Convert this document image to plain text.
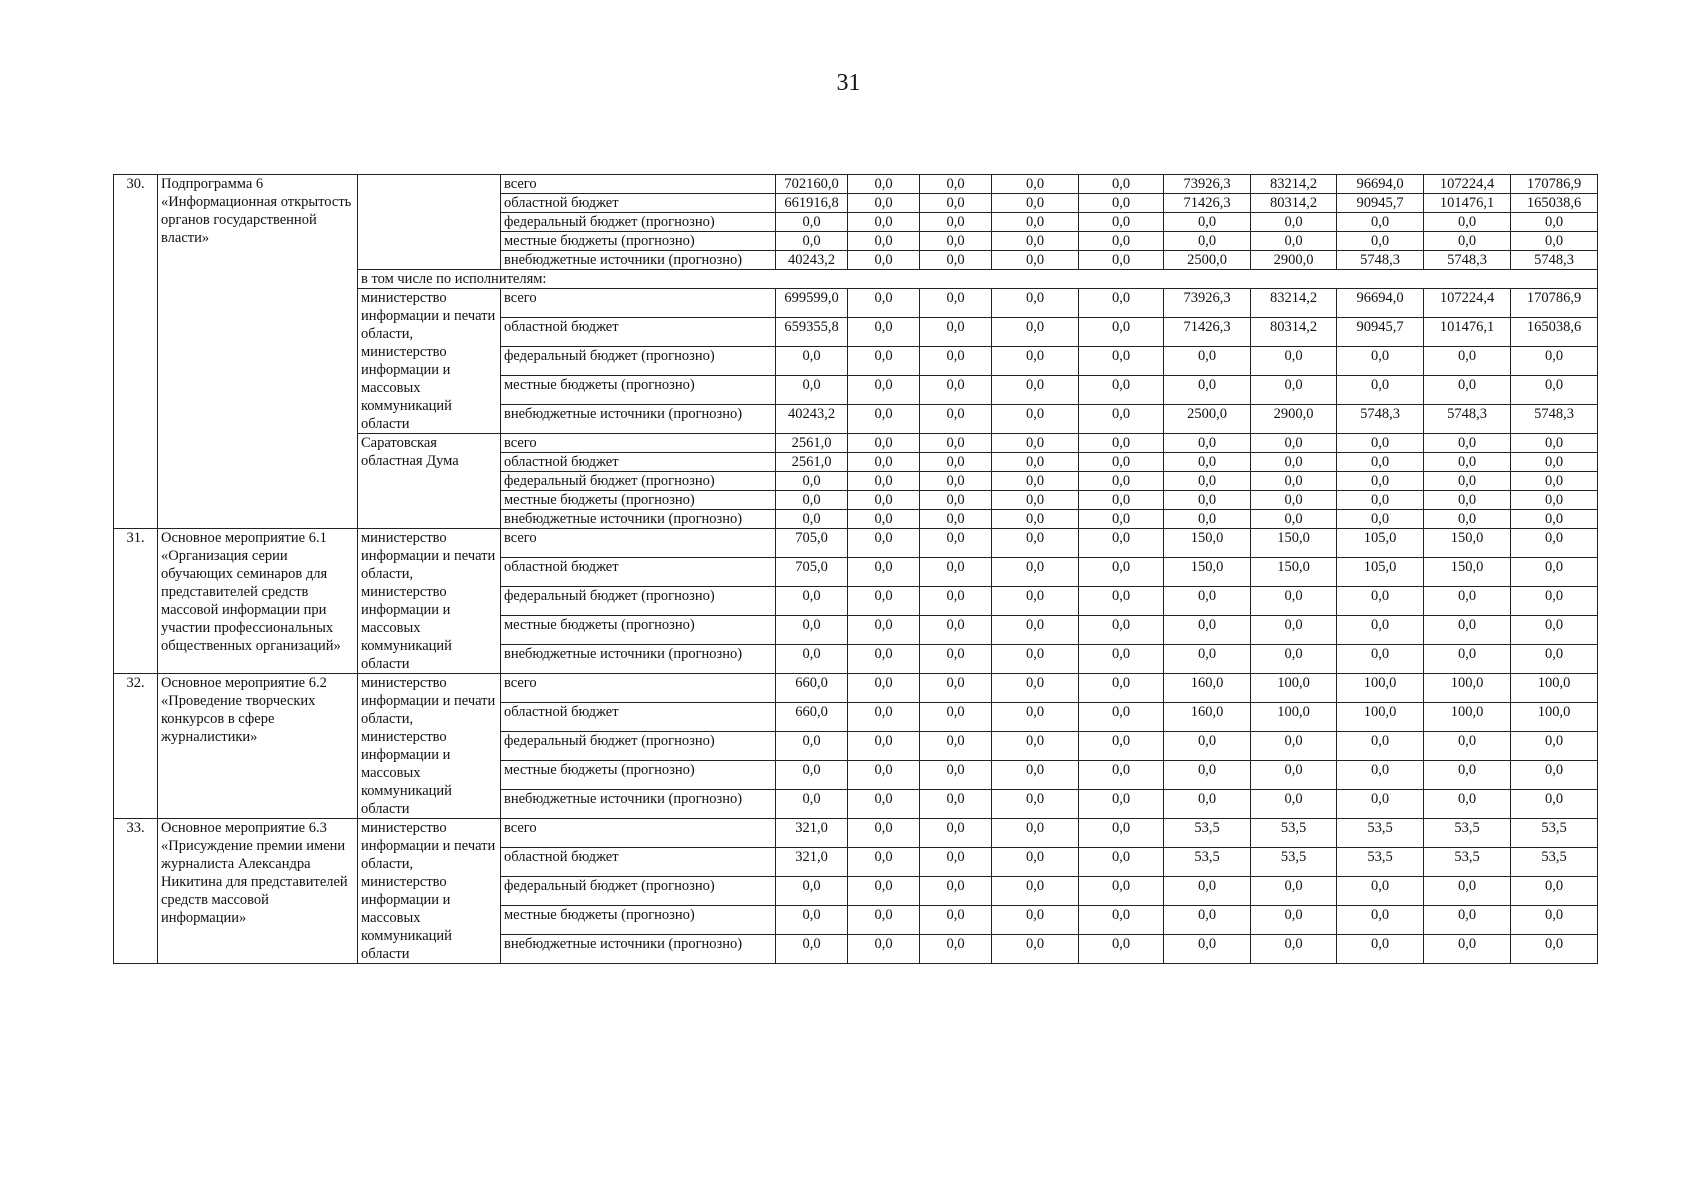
31
30.	Подпрограмма 6 «Информационная открытость органов государственной власти»		всего	702160,0	0,0	0,0	0,0	0,0	73926,3	83214,2	96694,0	107224,4	170786,9	
			областной бюджет	661916,8	0,0	0,0	0,0	0,0	71426,3	80314,2	90945,7	101476,1	165038,6	
			федеральный бюджет (прогнозно)	0,0	0,0	0,0	0,0	0,0	0,0	0,0	0,0	0,0	0,0	
			местные бюджеты (прогнозно)	0,0	0,0	0,0	0,0	0,0	0,0	0,0	0,0	0,0	0,0	
			внебюджетные источники (прогнозно)	40243,2	0,0	0,0	0,0	0,0	2500,0	2900,0	5748,3	5748,3	5748,3	
		в том числе по исполнителям:												
		министерство информации и печати области, министерство информации и массовых коммуникаций области	всего	699599,0	0,0	0,0	0,0	0,0	73926,3	83214,2	96694,0	107224,4	170786,9	
			областной бюджет	659355,8	0,0	0,0	0,0	0,0	71426,3	80314,2	90945,7	101476,1	165038,6	
			федеральный бюджет (прогнозно)	0,0	0,0	0,0	0,0	0,0	0,0	0,0	0,0	0,0	0,0	
			местные бюджеты (прогнозно)	0,0	0,0	0,0	0,0	0,0	0,0	0,0	0,0	0,0	0,0	
			внебюджетные источники (прогнозно)	40243,2	0,0	0,0	0,0	0,0	2500,0	2900,0	5748,3	5748,3	5748,3	
		Саратовская областная Дума	всего	2561,0	0,0	0,0	0,0	0,0	0,0	0,0	0,0	0,0	0,0	
			областной бюджет	2561,0	0,0	0,0	0,0	0,0	0,0	0,0	0,0	0,0	0,0	
			федеральный бюджет (прогнозно)	0,0	0,0	0,0	0,0	0,0	0,0	0,0	0,0	0,0	0,0	
			местные бюджеты (прогнозно)	0,0	0,0	0,0	0,0	0,0	0,0	0,0	0,0	0,0	0,0	
			внебюджетные источники (прогнозно)	0,0	0,0	0,0	0,0	0,0	0,0	0,0	0,0	0,0	0,0	
31.	Основное мероприятие 6.1 «Организация серии обучающих семинаров для представителей средств массовой информации при участии профессиональных общественных организаций»	министерство информации и печати области, министерство информации и массовых коммуникаций области	всего	705,0	0,0	0,0	0,0	0,0	150,0	150,0	105,0	150,0	0,0	
			областной бюджет	705,0	0,0	0,0	0,0	0,0	150,0	150,0	105,0	150,0	0,0	
			федеральный бюджет (прогнозно)	0,0	0,0	0,0	0,0	0,0	0,0	0,0	0,0	0,0	0,0	
			местные бюджеты (прогнозно)	0,0	0,0	0,0	0,0	0,0	0,0	0,0	0,0	0,0	0,0	
			внебюджетные источники (прогнозно)	0,0	0,0	0,0	0,0	0,0	0,0	0,0	0,0	0,0	0,0	
32.	Основное мероприятие 6.2 «Проведение творческих конкурсов в сфере журналистики»	министерство информации и печати области, министерство информации и массовых коммуникаций области	всего	660,0	0,0	0,0	0,0	0,0	160,0	100,0	100,0	100,0	100,0	
			областной бюджет	660,0	0,0	0,0	0,0	0,0	160,0	100,0	100,0	100,0	100,0	
			федеральный бюджет (прогнозно)	0,0	0,0	0,0	0,0	0,0	0,0	0,0	0,0	0,0	0,0	
			местные бюджеты (прогнозно)	0,0	0,0	0,0	0,0	0,0	0,0	0,0	0,0	0,0	0,0	
			внебюджетные источники (прогнозно)	0,0	0,0	0,0	0,0	0,0	0,0	0,0	0,0	0,0	0,0	
33.	Основное мероприятие 6.3 «Присуждение премии имени журналиста Александра Никитина для представителей средств массовой информации»	министерство информации и печати области, министерство информации и массовых коммуникаций области	всего	321,0	0,0	0,0	0,0	0,0	53,5	53,5	53,5	53,5	53,5	
			областной бюджет	321,0	0,0	0,0	0,0	0,0	53,5	53,5	53,5	53,5	53,5	
			федеральный бюджет (прогнозно)	0,0	0,0	0,0	0,0	0,0	0,0	0,0	0,0	0,0	0,0	
			местные бюджеты (прогнозно)	0,0	0,0	0,0	0,0	0,0	0,0	0,0	0,0	0,0	0,0	
			внебюджетные источники (прогнозно)	0,0	0,0	0,0	0,0	0,0	0,0	0,0	0,0	0,0	0,0	
